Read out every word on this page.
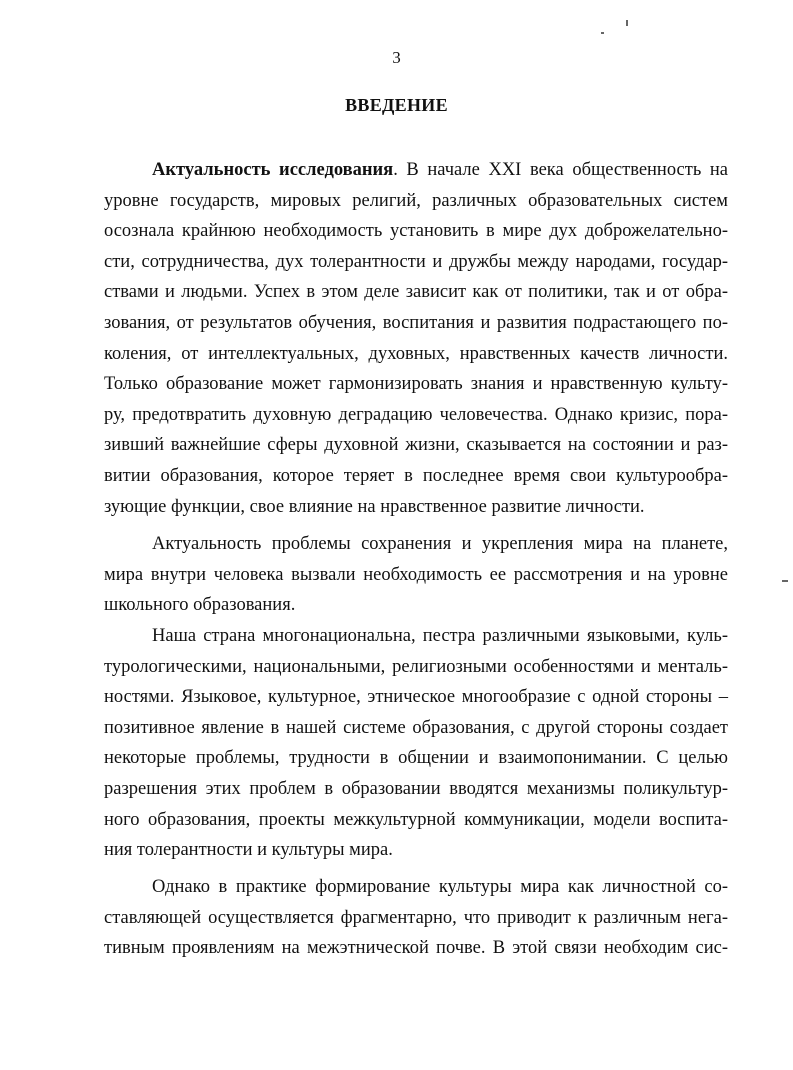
3
ВВЕДЕНИЕ
Актуальность исследования. В начале XXI века общественность на
уровне государств, мировых религий, различных образовательных систем
осознала крайнюю необходимость установить в мире дух доброжелательно-
сти, сотрудничества, дух толерантности и дружбы между народами, государ-
ствами и людьми. Успех в этом деле зависит как от политики, так и от обра-
зования, от результатов обучения, воспитания и развития подрастающего по-
коления, от интеллектуальных, духовных, нравственных качеств личности.
Только образование может гармонизировать знания и нравственную культу-
ру, предотвратить духовную деградацию человечества. Однако кризис, пора-
зивший важнейшие сферы духовной жизни, сказывается на состоянии и раз-
витии образования, которое теряет в последнее время свои культурообра-
зующие функции, свое влияние на нравственное развитие личности.
Актуальность проблемы сохранения и укрепления мира на планете,
мира внутри человека вызвали необходимость ее рассмотрения и на уровне
школьного образования.
Наша страна многонациональна, пестра различными языковыми, куль-
турологическими, национальными, религиозными особенностями и менталь-
ностями. Языковое, культурное, этническое многообразие с одной стороны –
позитивное явление в нашей системе образования, с другой стороны создает
некоторые проблемы, трудности в общении и взаимопонимании. С целью
разрешения этих проблем в образовании вводятся механизмы поликультур-
ного образования, проекты межкультурной коммуникации, модели воспита-
ния толерантности и культуры мира.
Однако в практике формирование культуры мира как личностной со-
ставляющей осуществляется фрагментарно, что приводит к различным нега-
тивным проявлениям на межэтнической почве. В этой связи необходим сис-
